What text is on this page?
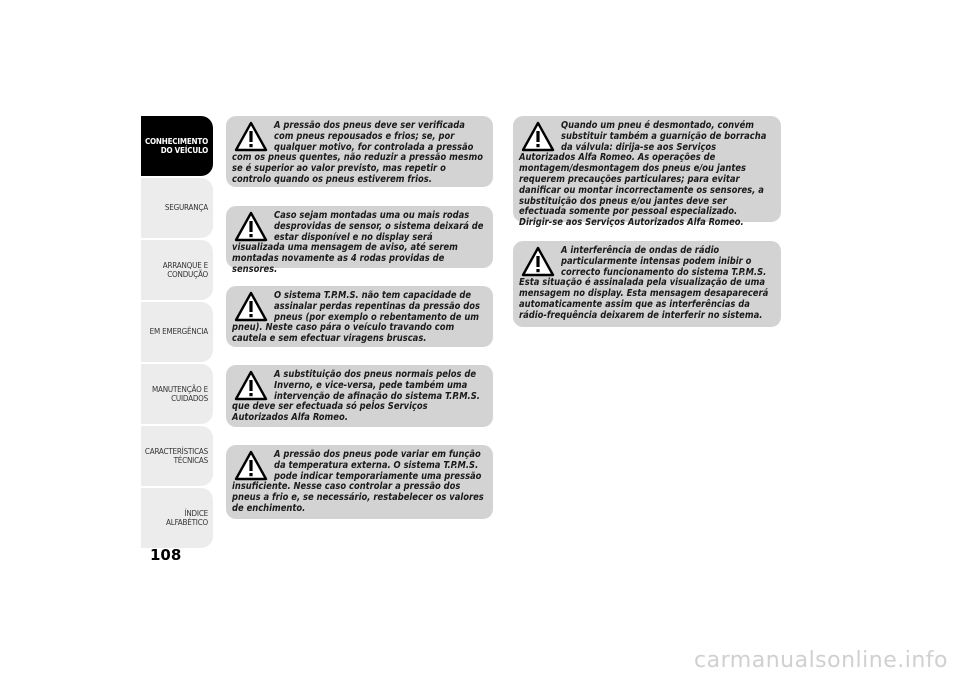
CONHECIMENTO
DO VEÍCULO
SEGURANÇA
ARRANQUE E
CONDUÇÃO
EM EMERGÊNCIA
MANUTENÇÃO E
CUIDADOS
CARACTERÍSTICAS
TÉCNICAS
ÍNDICE ALFABÉTICO
108

A pressão dos pneus deve ser verificada com pneus repousados e frios; se, por qualquer motivo, for controlada a pressão com os pneus quentes, não reduzir a pressão mesmo se é superior ao valor previsto, mas repetir o controlo quando os pneus estiverem frios.

Caso sejam montadas uma ou mais rodas desprovidas de sensor, o sistema deixará de estar disponível e no display será visualizada uma mensagem de aviso, até serem montadas novamente as 4 rodas providas de sensores.

O sistema T.P.M.S. não tem capacidade de assinalar perdas repentinas da pressão dos pneus (por exemplo o rebentamento de um pneu). Neste caso pára o veículo travando com cautela e sem efectuar viragens bruscas.

A substituição dos pneus normais pelos de Inverno, e vice-versa, pede também uma intervenção de afinação do sistema T.P.M.S. que deve ser efectuada só pelos Serviços Autorizados Alfa Romeo.

A pressão dos pneus pode variar em função da temperatura externa. O sistema T.P.M.S. pode indicar temporariamente uma pressão insuficiente. Nesse caso controlar a pressão dos pneus a frio e, se necessário, restabelecer os valores de enchimento.

Quando um pneu é desmontado, convém substituir também a guarnição de borracha da válvula: dirija-se aos Serviços Autorizados Alfa Romeo. As operações de montagem/desmontagem dos pneus e/ou jantes requerem precauções particulares; para evitar danificar ou montar incorrectamente os sensores, a substituição dos pneus e/ou jantes deve ser efectuada somente por pessoal especializado. Dirigir-se aos Serviços Autorizados Alfa Romeo.

A interferência de ondas de rádio particularmente intensas podem inibir o correcto funcionamento do sistema T.P.M.S. Esta situação é assinalada pela visualização de uma mensagem no display. Esta mensagem desaparecerá automaticamente assim que as interferências da rádio-frequência deixarem de interferir no sistema.

carmanualsonline.info
